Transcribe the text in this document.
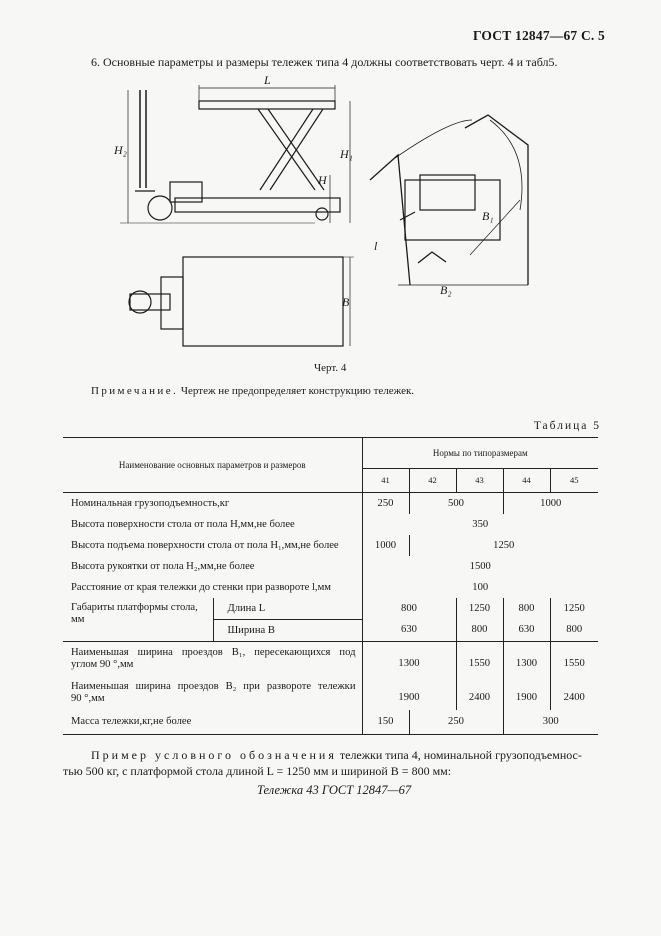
ГОСТ 12847—67 С. 5
6. Основные параметры и размеры тележек типа 4 должны соответствовать черт. 4 и табл5.
L
H₂	H₁
H
B
B₁
B₂
l
Черт. 4
Примечание. Чертеж не предопределяет конструкцию тележек.
Таблица 5
Наименование основных параметров и размеров		Нормы по типоразмерам				
		41	42	43	44	45
Номинальная грузоподъемность,кг		250	500		1000	
Высота поверхности стола от пола H,мм,не более		350				
Высота подъема поверхности стола от пола H₁,мм,не более		1000	1250			
Высота рукоятки от пола H₂,мм,не более		1500				
Расстояние от края тележки до стенки при развороте l,мм		100				
Габариты платформы стола, мм	Длина L	800		1250	800	1250
	Ширина B	630		800	630	800

Наименьшая ширина проездов B₁, пересекающихся под
углом 90 °,мм		1300		1550	1300	1550

Наименьшая ширина проездов B₂ при развороте тележки
90 °,мм		1900		2400	1900	2400
Масса тележки,кг,не более		150	250		300	
Пример условного обозначения тележки типа 4, номинальной грузоподъемнос-
тью 500 кг, с платформой стола длиной L = 1250 мм и шириной B = 800 мм:
Тележка 43 ГОСТ 12847—67
